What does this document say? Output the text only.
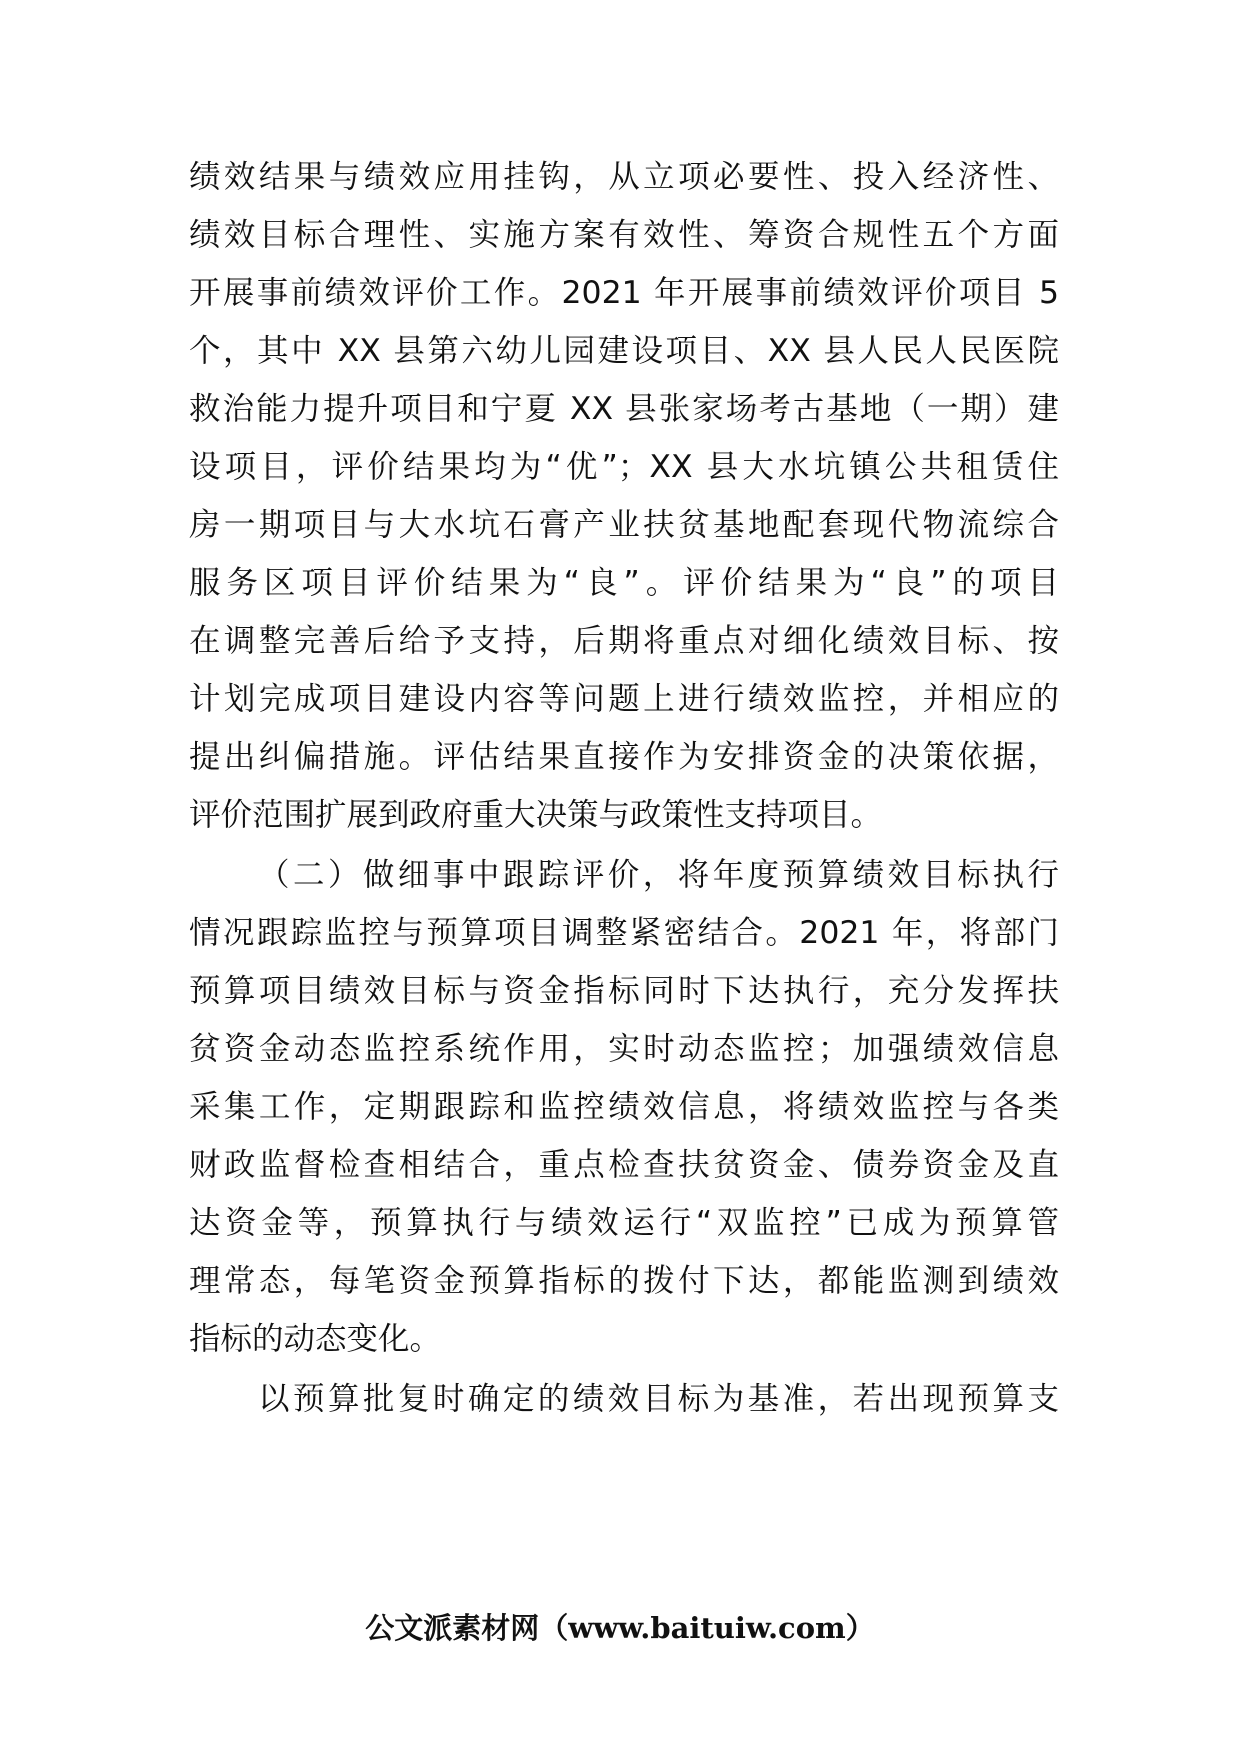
绩效结果与绩效应用挂钩，从立项必要性、投入经济性、
绩效目标合理性、实施方案有效性、筹资合规性五个方面
开展事前绩效评价工作。2021 年开展事前绩效评价项目 5
个，其中 XX 县第六幼儿园建设项目、XX 县人民人民医院
救治能力提升项目和宁夏 XX 县张家场考古基地（一期）建
设项目，评价结果均为“优”；XX 县大水坑镇公共租赁住
房一期项目与大水坑石膏产业扶贫基地配套现代物流综合
服务区项目评价结果为“良”。评价结果为“良”的项目
在调整完善后给予支持，后期将重点对细化绩效目标、按
计划完成项目建设内容等问题上进行绩效监控，并相应的
提出纠偏措施。评估结果直接作为安排资金的决策依据，
评价范围扩展到政府重大决策与政策性支持项目。
（二）做细事中跟踪评价，将年度预算绩效目标执行
情况跟踪监控与预算项目调整紧密结合。2021 年，将部门
预算项目绩效目标与资金指标同时下达执行，充分发挥扶
贫资金动态监控系统作用，实时动态监控；加强绩效信息
采集工作，定期跟踪和监控绩效信息，将绩效监控与各类
财政监督检查相结合，重点检查扶贫资金、债券资金及直
达资金等，预算执行与绩效运行“双监控”已成为预算管
理常态，每笔资金预算指标的拨付下达，都能监测到绩效
指标的动态变化。
以预算批复时确定的绩效目标为基准，若出现预算支
公文派素材网（www.baituiw.com）
